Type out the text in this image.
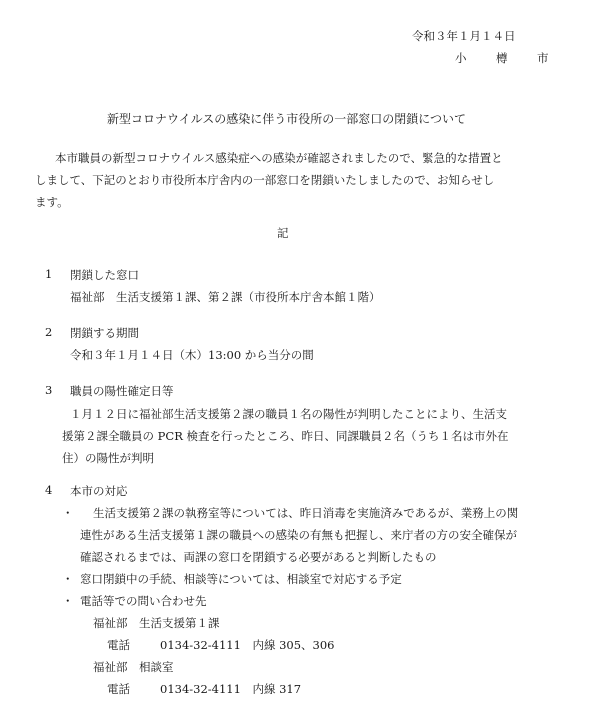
令和３年１月１４日
小　樽　市
新型コロナウイルスの感染に伴う市役所の一部窓口の閉鎖について
本市職員の新型コロナウイルス感染症への感染が確認されましたので、緊急的な措置と
しまして、下記のとおり市役所本庁舎内の一部窓口を閉鎖いたしましたので、お知らせし
ます。
記
1 閉鎖した窓口
福祉部　生活支援第１課、第２課（市役所本庁舎本館１階）
2 閉鎖する期間
令和３年１月１４日（木）13:00 から当分の間
3 職員の陽性確定日等
１月１２日に福祉部生活支援第２課の職員１名の陽性が判明したことにより、生活支
援第２課全職員の PCR 検査を行ったところ、昨日、同課職員２名（うち１名は市外在
住）の陽性が判明
4 本市の対応
・ 生活支援第２課の執務室等については、昨日消毒を実施済みであるが、業務上の関
連性がある生活支援第１課の職員への感染の有無も把握し、来庁者の方の安全確保が
確認されるまでは、両課の窓口を閉鎖する必要があると判断したもの
・ 窓口閉鎖中の手続、相談等については、相談室で対応する予定
・ 電話等での問い合わせ先
福祉部　生活支援第１課
電話	0134-32-4111　内線 305、306
福祉部　相談室
電話	0134-32-4111　内線 317
